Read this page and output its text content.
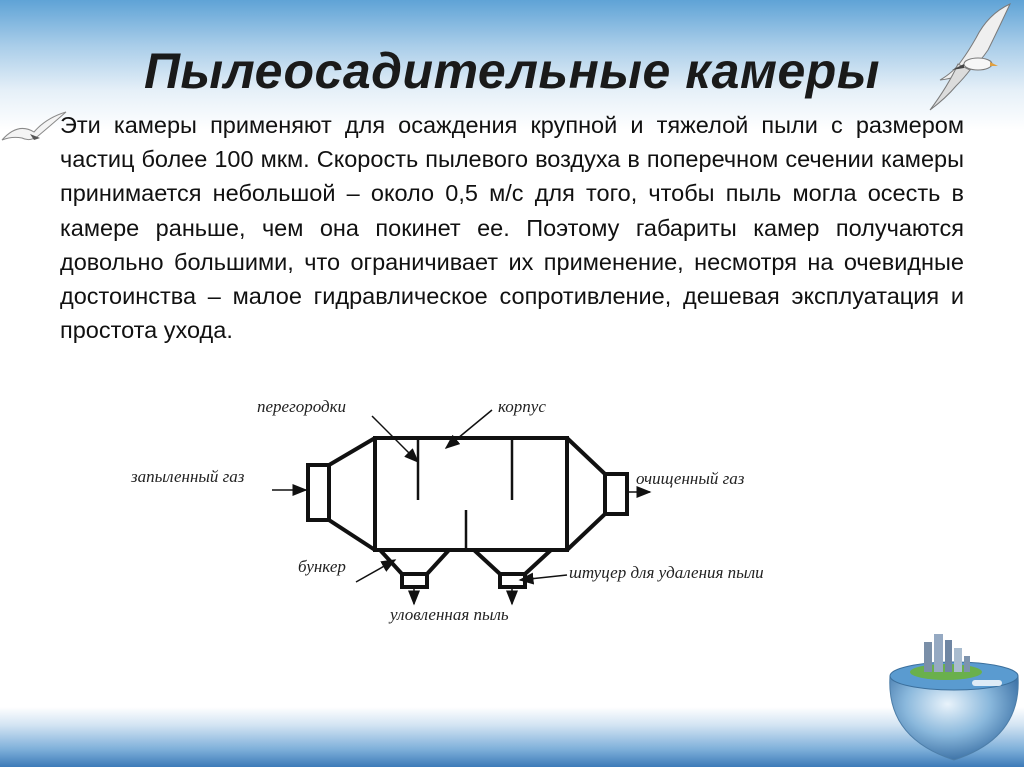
Пылеосадительные камеры

Эти камеры применяют для осаждения крупной и тяжелой пыли с размером частиц более 100 мкм. Скорость пылевого воздуха в поперечном сечении камеры принимается небольшой – около 0,5 м/с для того, чтобы пыль могла осесть в камере раньше, чем она покинет ее. Поэтому габариты камер получаются довольно большими, что ограничивает их применение, несмотря на очевидные достоинства – малое гидравлическое сопротивление, дешевая эксплуатация и простота ухода.

перегородки	корпус
запыленный газ	очищенный газ
бункер	штуцер для удаления пыли
уловленная пыль
